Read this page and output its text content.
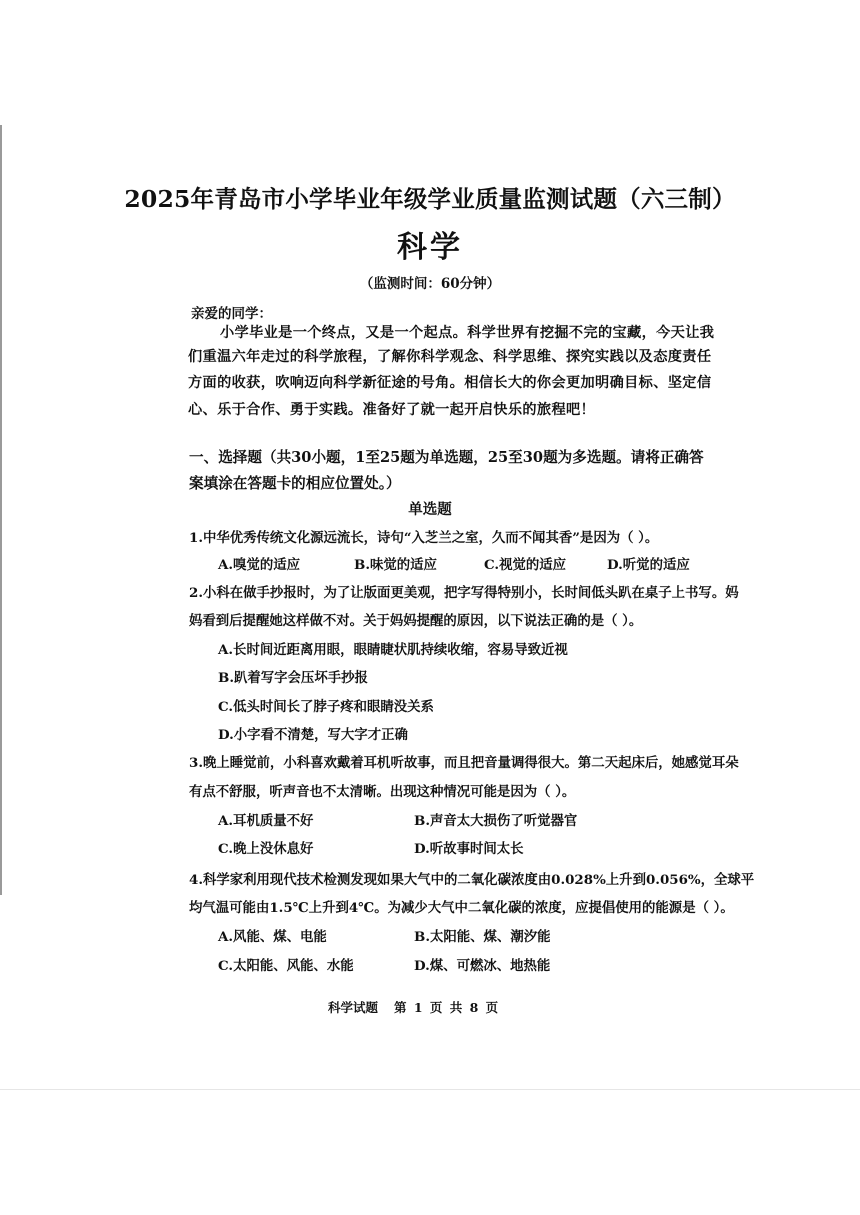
2025年青岛市小学毕业年级学业质量监测试题（六三制）
科学
（监测时间：60分钟）
亲爱的同学：
小学毕业是一个终点，又是一个起点。科学世界有挖掘不完的宝藏，今天让我
们重温六年走过的科学旅程，了解你科学观念、科学思维、探究实践以及态度责任
方面的收获，吹响迈向科学新征途的号角。相信长大的你会更加明确目标、坚定信
心、乐于合作、勇于实践。准备好了就一起开启快乐的旅程吧！
一、选择题（共30小题，1至25题为单选题，25至30题为多选题。请将正确答
案填涂在答题卡的相应位置处。）
单选题
1.中华优秀传统文化源远流长，诗句“入芝兰之室，久而不闻其香”是因为（ ）。
A.嗅觉的适应	B.味觉的适应	C.视觉的适应	D.听觉的适应
2.小科在做手抄报时，为了让版面更美观，把字写得特别小，长时间低头趴在桌子上书写。妈
妈看到后提醒她这样做不对。关于妈妈提醒的原因，以下说法正确的是（ ）。
A.长时间近距离用眼，眼睛睫状肌持续收缩，容易导致近视
B.趴着写字会压坏手抄报
C.低头时间长了脖子疼和眼睛没关系
D.小字看不清楚，写大字才正确
3.晚上睡觉前，小科喜欢戴着耳机听故事，而且把音量调得很大。第二天起床后，她感觉耳朵
有点不舒服，听声音也不太清晰。出现这种情况可能是因为（ ）。
A.耳机质量不好	B.声音太大损伤了听觉器官
C.晚上没休息好	D.听故事时间太长
4.科学家利用现代技术检测发现如果大气中的二氧化碳浓度由0.028%上升到0.056%，全球平
均气温可能由1.5℃上升到4℃。为减少大气中二氧化碳的浓度，应提倡使用的能源是（ ）。
A.风能、煤、电能	B.太阳能、煤、潮汐能
C.太阳能、风能、水能	D.煤、可燃冰、地热能
科学试题 第 1 页 共 8 页
